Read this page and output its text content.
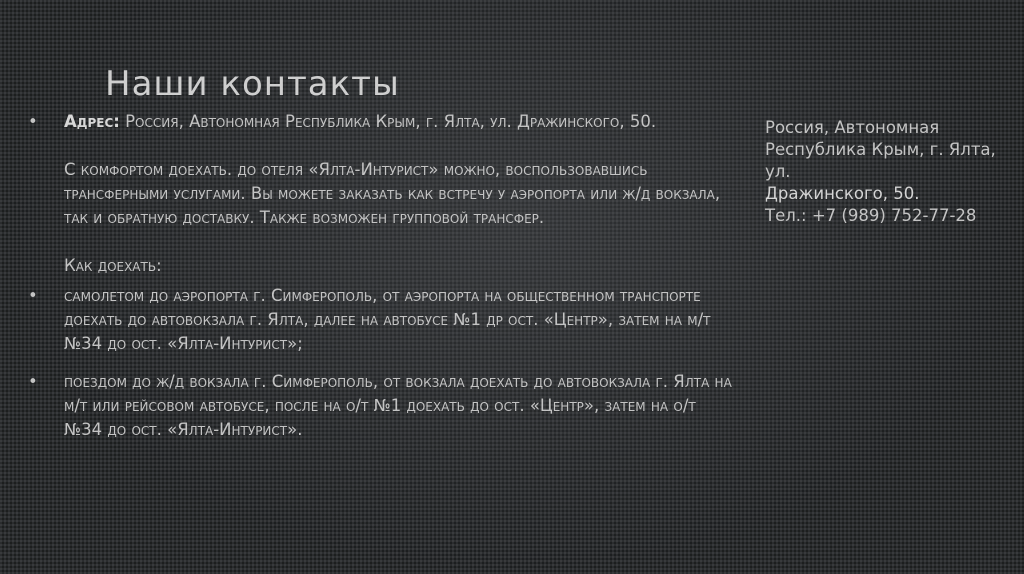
Наши контакты
•	Адрес: Россия, Автономная Республика Крым, г. Ялта, ул. Дражинского, 50.
С комфортом доехать. до отеля «Ялта-Интурист» можно, воспользовавшись трансферными услугами. Вы можете заказать как встречу у аэропорта или ж/д вокзала, так и обратную доставку. Также возможен групповой трансфер.
Как доехать:
•	самолетом до аэропорта г. Симферополь, от аэропорта на общественном транспорте доехать до автовокзала г. Ялта, далее на автобусе №1 др ост. «Центр», затем на м/т №34 до ост. «Ялта-Интурист»;
•	поездом до ж/д вокзала г. Симферополь, от вокзала доехать до автовокзала г. Ялта на м/т или рейсовом автобусе, после на о/т №1 доехать до ост. «Центр», затем на о/т №34 до ост. «Ялта-Интурист».
Россия, Автономная Республика Крым, г. Ялта, ул.
Дражинского, 50.
Тел.: +7 (989) 752-77-28
